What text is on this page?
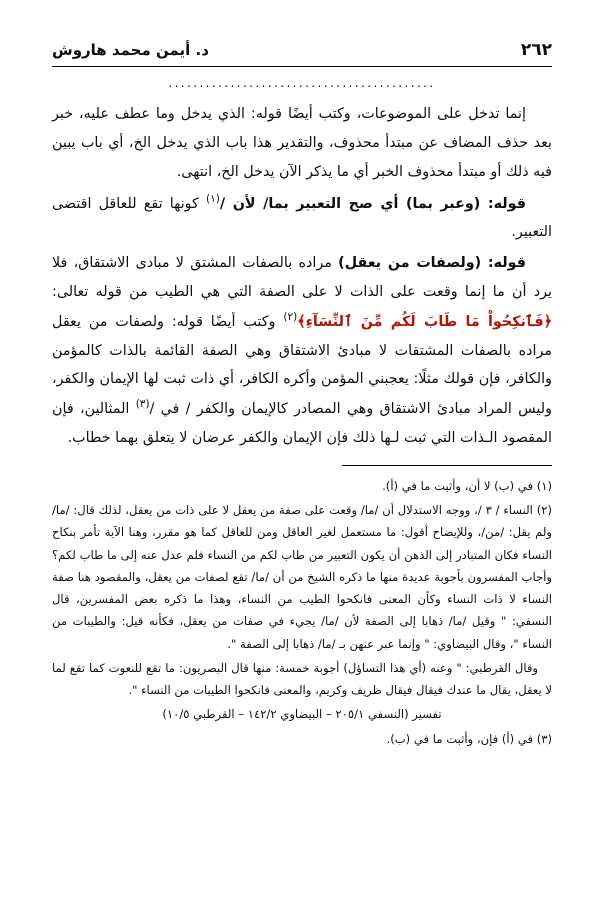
د. أيمن محمد هاروش	٢٦٢
...........................................

إنما تدخل على الموضوعات، وكتب أيضًا قوله: الذي يدخل وما عطف عليه، خبر بعد حذف المضاف عن مبتدأ محذوف، والتقدير هذا باب الذي يدخل الخ، أي باب يبين فيه ذلك أو مبتدأ محذوف الخبر أي ما يذكر الآن يدخل الخ، انتهى.

قوله: (وعبر بما) أي صح التعبير بما/ لأن /$^{(١)}$ كونها تقع للعاقل اقتضى التعبير.

قوله: (ولصفات من يعقل) مراده بالصفات المشتق لا مبادى الاشتقاق، فلا يرد أن ما إنما وقعت على الذات لا على الصفة التي هي الطيب من قوله تعالى: ﴿فَٱنكِحُواْ مَا طَابَ لَكُم مِّنَ ٱلنِّسَآءِ﴾$^{(٢)}$ وكتب أيضًا قوله: ولصفات من يعقل مراده بالصفات المشتقات لا مبادئ الاشتقاق وهي الصفة القائمة بالذات كالمؤمن والكافر، فإن قولك مثلًا: يعجبني المؤمن وأكره الكافر، أي ذات ثبت لها الإيمان والكفر، وليس المراد مبادئ الاشتقاق وهي المصادر كالإيمان والكفر / في /$^{(٣)}$ المثالين، فإن المقصود الـذات التي ثبت لـها ذلك فإن الإيمان والكفر عرضان لا يتعلق بهما خطاب.

(١) في (ب) لا أن، وأثبت ما في (أ).

(٢) النساء / ٣ /، ووجه الاستدلال أن /ما/ وقعت على صفة من يعقل لا على ذات من يعقل، لذلك قال: /ما/ ولم يقل: /من/، وللإيضاح أقول: ما مستعمل لغير العاقل ومن للعاقل كما هو مقرر، وهنا الآية تأمر بنكاح النساء فكان المتبادر إلى الذهن أن يكون التعبير من طاب لكم من النساء فلم عدل عنه إلى ما طاب لكم؟ وأجاب المفسرون بأجوبة عديدة منها ما ذكره الشيخ من أن /ما/ تقع لصفات من يعقل، والمقصود هنا صفة النساء لا ذات النساء وكأن المعنى فانكحوا الطيب من النساء، وهذا ما ذكره بعض المفسرين، قال النسفي: " وقيل /ما/ ذهابا إلى الصفة لأن /ما/ يجيء في صفات من يعقل، فكأنه قيل: والطيبات من النساء "، وقال البيضاوي: " وإنما عبر عنهن بـ /ما/ ذهابا إلى الصفة ".

وقال القرطبي: " وعنه (أي هذا التساؤل) أجوبة خمسة: منها قال البصريون: ما تقع للنعوت كما تقع لما لا يعقل، يقال ما عندك فيقال فيقال ظريف وكريم، والمعنى فانكحوا الطيبات من النساء ".

تفسير (النسفي ٢٠٥/١ – البيضاوي ١٤٢/٢ – القرطبي ١٠/٥)

(٣) في (أ) فإن، وأثبت ما في (ب).
